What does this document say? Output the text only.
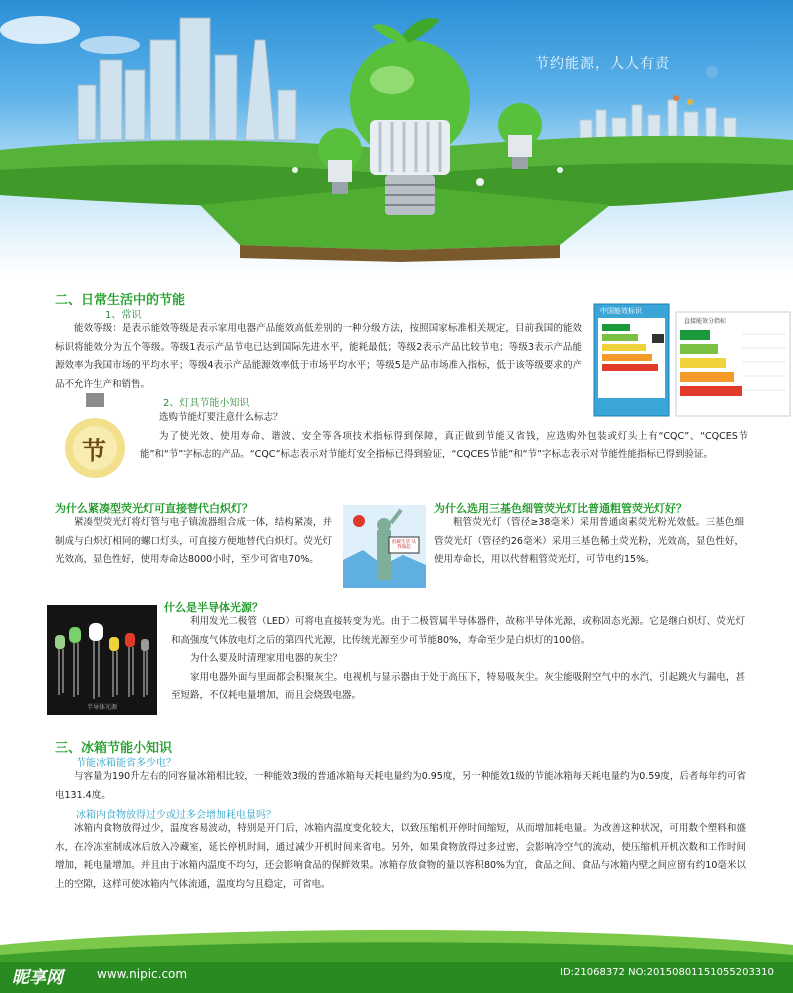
节约能源，人人有责
二、日常生活中的节能
1、常识
能效等级：是表示能效等级是表示家用电器产品能效高低差别的一种分级方法，按照国家标准相关规定，目前我国的能效标识将能效分为五个等级。等级1表示产品节电已达到国际先进水平，能耗最低；等级2表示产品比较节电；等级3表示产品能源效率为我国市场的平均水平；等级4表示产品能源效率低于市场平均水平；等级5是产品市场准入指标，低于该等级要求的产品不允许生产和销售。
中国能效标识
直接能效分指标
节
2、灯具节能小知识
选购节能灯要注意什么标志？
为了使光效、使用寿命、谐波、安全等各项技术指标得到保障，真正做到节能又省钱，应选购外包装或灯头上有“CQC”、“CQCES节能”和“节”字标志的产品。“CQC”标志表示对节能灯安全指标已得到验证，“CQCES节能”和“节”字标志表示对节能性能指标已得到验证。
为什么紧凑型荧光灯可直接替代白炽灯？
紧凑型荧光灯将灯管与电子镇流器组合成一体，结构紧凑，并制成与白炽灯相同的螺口灯头，可直接方便地替代白炽灯。荧光灯光效高，显色性好，使用寿命达8000小时，至少可省电70%。
为什么选用三基色细管荧光灯比普通粗管荧光灯好？
低碳生活 从我做起
粗管荧光灯（管径≥38毫米）采用普通卤素荧光粉光效低。三基色细管荧光灯（管径约26毫米）采用三基色稀土荧光粉，光效高，显色性好，使用寿命长，用以代替粗管荧光灯，可节电约15%。
半导体光源
什么是半导体光源？
利用发光二极管（LED）可将电直接转变为光。由于二极管属半导体器件，故称半导体光源，或称固态光源。它是继白炽灯、荧光灯和高强度气体放电灯之后的第四代光源，比传统光源至少可节能80%，寿命至少是白炽灯的100倍。
为什么要及时清理家用电器的灰尘？
家用电器外面与里面都会积聚灰尘。电视机与显示器由于处于高压下，特易吸灰尘。灰尘能吸附空气中的水汽，引起跳火与漏电，甚至短路，不仅耗电量增加，而且会烧毁电器。
三、冰箱节能小知识
节能冰箱能省多少电？
与容量为190升左右的同容量冰箱相比较，一种能效3级的普通冰箱每天耗电量约为0.95度，另一种能效1级的节能冰箱每天耗电量约为0.59度，后者每年约可省电131.4度。
冰箱内食物放得过少或过多会增加耗电量吗？
冰箱内食物放得过少，温度容易波动，特别是开门后，冰箱内温度变化较大，以致压缩机开停时间缩短，从而增加耗电量。为改善这种状况，可用数个塑料和盛水，在冷冻室制成冰后放入冷藏室，延长停机时间，通过减少开机时间来省电。另外，如果食物放得过多过密，会影响冷空气的流动，使压缩机开机次数和工作时间增加，耗电量增加。并且由于冰箱内温度不均匀，还会影响食品的保鲜效果。冰箱存放食物的量以容积80%为宜，食品之间、食品与冰箱内壁之间应留有约10毫米以上的空隙，这样可使冰箱内气体流通，温度均匀且稳定，可省电。
昵享网	www.nipic.com	ID:21068372 NO:20150801151055203310
